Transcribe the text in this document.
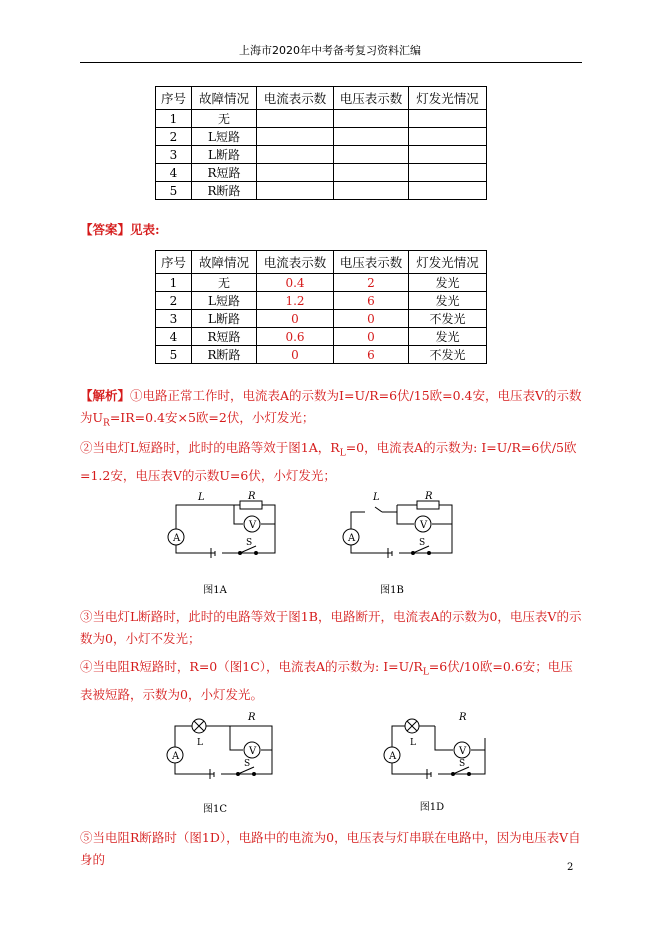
上海市2020年中考备考复习资料汇编
序号	故障情况	电流表示数	电压表示数	灯发光情况
1	无			
2	L短路			
3	L断路			
4	R短路			
5	R断路			
【答案】见表:
序号	故障情况	电流表示数	电压表示数	灯发光情况
1	无	0.4	2	发光
2	L短路	1.2	6	发光
3	L断路	0	0	不发光
4	R短路	0.6	0	发光
5	R断路	0	6	不发光
【解析】①电路正常工作时，电流表A的示数为I=U/R=6伏/15欧=0.4安，电压表V的示数为$U_R=IR=0.4$安×5欧=2伏，小灯发光；
②当电灯L短路时，此时的电路等效于图1A，$R_L=0$，电流表A的示数为: I=U/R=6伏/5欧=1.2安，电压表V的示数U=6伏，小灯发光；
A
V
L	R
S
图1A
A
V
L	R
S
图1B
③当电灯L断路时，此时的电路等效于图1B，电路断开，电流表A的示数为0，电压表V的示数为0，小灯不发光；
④当电阻R短路时，R=0（图1C），电流表A的示数为: $I=U/R_L=6$伏/10欧=0.6安；电压表被短路，示数为0，小灯发光。
L
A	V
R
S
图1C
L
A	V
R
S
图1D
⑤当电阻R断路时（图1D），电路中的电流为0，电压表与灯串联在电路中，因为电压表V自身的
2
